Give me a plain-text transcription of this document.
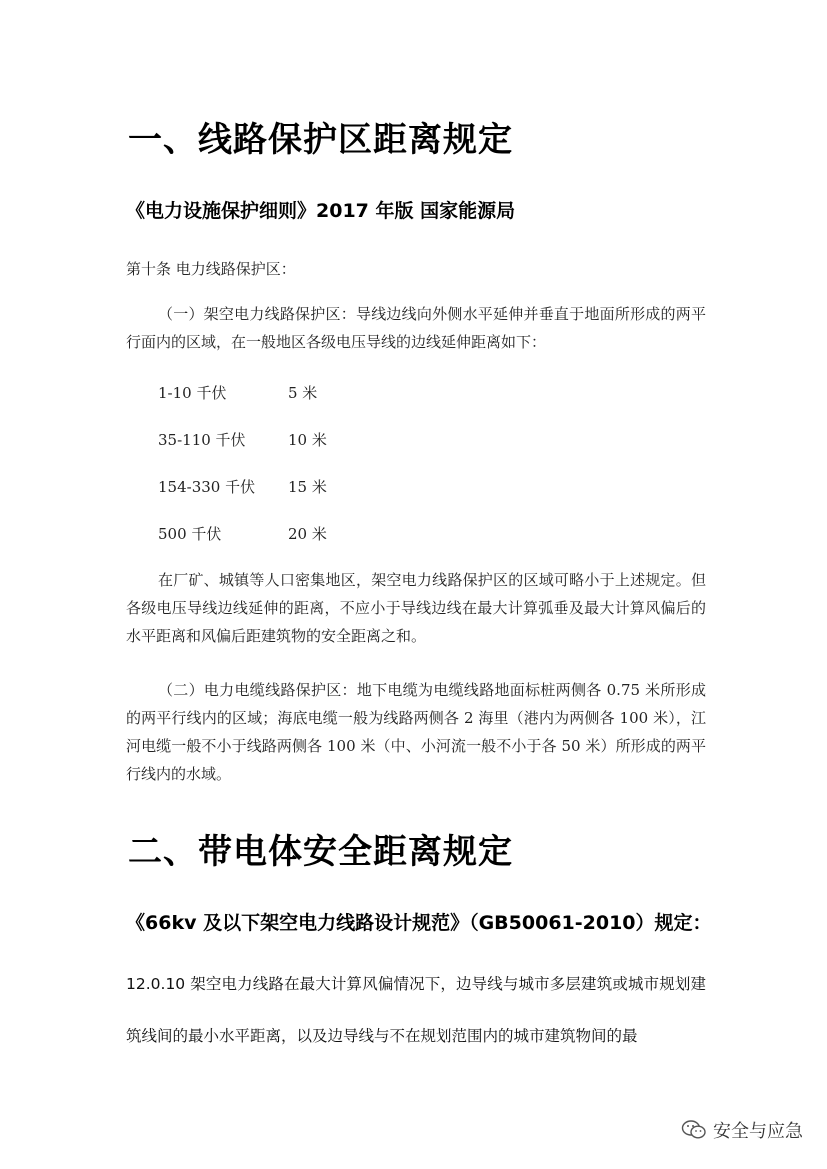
一、线路保护区距离规定
《电力设施保护细则》2017 年版 国家能源局
第十条 电力线路保护区：
（一）架空电力线路保护区：导线边线向外侧水平延伸并垂直于地面所形成的两平行面内的区域，在一般地区各级电压导线的边线延伸距离如下：
1-10 千伏	5 米
35-110 千伏	10 米
154-330 千伏 15 米
500 千伏	20 米
在厂矿、城镇等人口密集地区，架空电力线路保护区的区域可略小于上述规定。但各级电压导线边线延伸的距离，不应小于导线边线在最大计算弧垂及最大计算风偏后的水平距离和风偏后距建筑物的安全距离之和。
（二）电力电缆线路保护区：地下电缆为电缆线路地面标桩两侧各 0.75 米所形成的两平行线内的区域；海底电缆一般为线路两侧各 2 海里（港内为两侧各 100 米），江河电缆一般不小于线路两侧各 100 米（中、小河流一般不小于各 50 米）所形成的两平行线内的水域。
二、带电体安全距离规定
《66kv 及以下架空电力线路设计规范》（GB50061-2010）规定：
12.0.10 架空电力线路在最大计算风偏情况下，边导线与城市多层建筑或城市规划建筑线间的最小水平距离，以及边导线与不在规划范围内的城市建筑物间的最
安全与应急
